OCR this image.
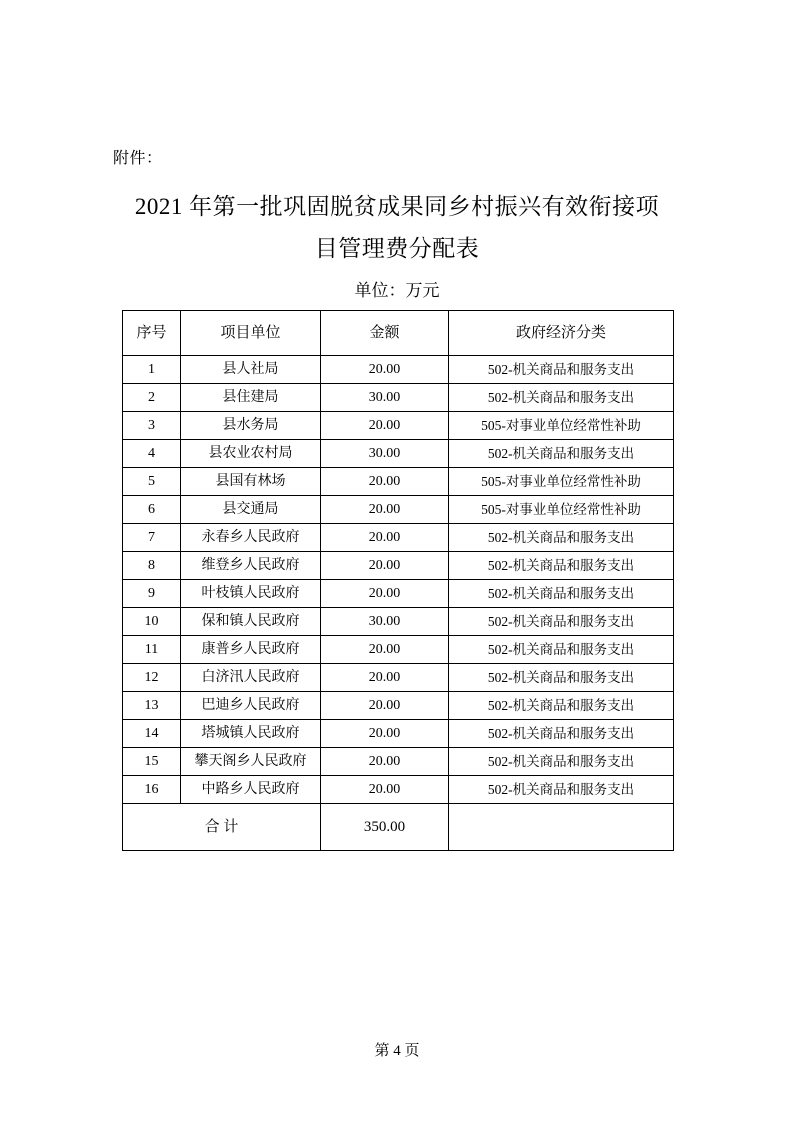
附件：
2021 年第一批巩固脱贫成果同乡村振兴有效衔接项
目管理费分配表
单位：万元
序号	项目单位	金额	政府经济分类
1	县人社局	20.00	502-机关商品和服务支出
2	县住建局	30.00	502-机关商品和服务支出
3	县水务局	20.00	505-对事业单位经常性补助
4	县农业农村局	30.00	502-机关商品和服务支出
5	县国有林场	20.00	505-对事业单位经常性补助
6	县交通局	20.00	505-对事业单位经常性补助
7	永春乡人民政府	20.00	502-机关商品和服务支出
8	维登乡人民政府	20.00	502-机关商品和服务支出
9	叶枝镇人民政府	20.00	502-机关商品和服务支出
10	保和镇人民政府	30.00	502-机关商品和服务支出
11	康普乡人民政府	20.00	502-机关商品和服务支出
12	白济汛人民政府	20.00	502-机关商品和服务支出
13	巴迪乡人民政府	20.00	502-机关商品和服务支出
14	塔城镇人民政府	20.00	502-机关商品和服务支出
15	攀天阁乡人民政府	20.00	502-机关商品和服务支出
16	中路乡人民政府	20.00	502-机关商品和服务支出
合 计		350.00	
第 4 页
